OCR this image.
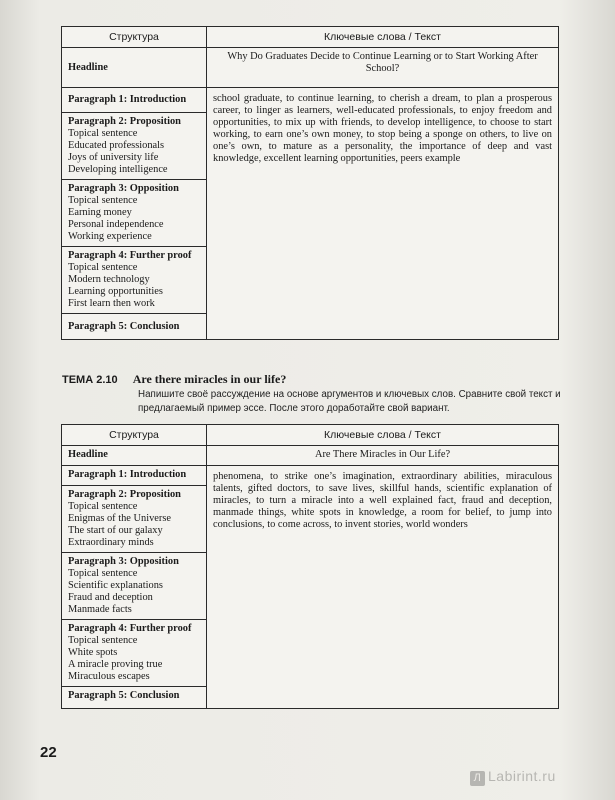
Структура	Ключевые слова / Текст

Headline	Why Do Graduates Decide to Continue Learning or to Start Working After School?

Paragraph 1: Introduction	school graduate, to continue learning, to cherish a dream, to plan a prosperous career, to linger as learners, well-educated professionals, to enjoy freedom and opportunities, to mix up with friends, to develop intelligence, to choose to start working, to earn one’s own money, to stop being a sponge on others, to live on one’s own, to mature as a personality, the importance of deep and vast knowledge, excellent learning opportunities, peers example

Paragraph 2: Proposition
Topical sentence
Educated professionals
Joys of university life
Developing intelligence	

Paragraph 3: Opposition
Topical sentence
Earning money
Personal independence
Working experience	

Paragraph 4: Further proof
Topical sentence
Modern technology
Learning opportunities
First learn then work	

Paragraph 5: Conclusion	
ТЕМА 2.10 Are there miracles in our life?
Напишите своё рассуждение на основе аргументов и ключевых слов. Сравните свой текст и предлагаемый пример эссе. После этого доработайте свой вариант.
Структура	Ключевые слова / Текст

Headline	Are There Miracles in Our Life?

Paragraph 1: Introduction	phenomena, to strike one’s imagination, extraordinary abilities, miraculous talents, gifted doctors, to save lives, skillful hands, scientific explanation of miracles, to turn a miracle into a well explained fact, fraud and deception, manmade things, white spots in knowledge, a room for belief, to jump into conclusions, to come across, to invent stories, world wonders

Paragraph 2: Proposition
Topical sentence
Enigmas of the Universe
The start of our galaxy
Extraordinary minds	

Paragraph 3: Opposition
Topical sentence
Scientific explanations
Fraud and deception
Manmade facts	

Paragraph 4: Further proof
Topical sentence
White spots
A miracle proving true
Miraculous escapes	

Paragraph 5: Conclusion	
22
Л Labirint.ru
